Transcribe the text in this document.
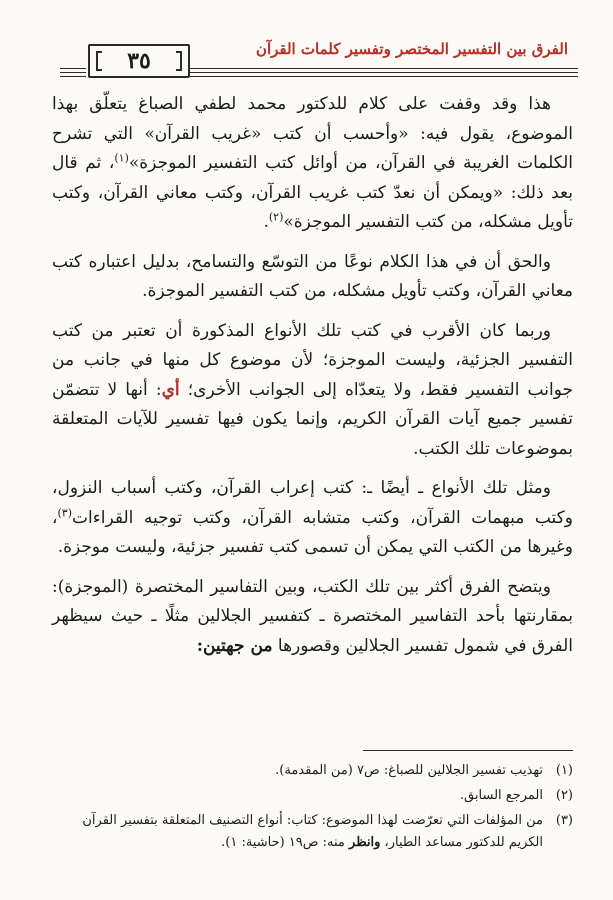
٣٥	الفرق بين التفسير المختصر وتفسير كلمات القرآن

هذا وقد وقفت على كلام للدكتور محمد لطفي الصباغ يتعلّق بهذا الموضوع، يقول فيه: «وأحسب أن كتب «غريب القرآن» التي تشرح الكلمات الغريبة في القرآن، من أوائل كتب التفسير الموجزة»$^{(١)}$، ثم قال بعد ذلك: «ويمكن أن نعدّ كتب غريب القرآن، وكتب معاني القرآن، وكتب تأويل مشكله، من كتب التفسير الموجزة»$^{(٢)}$.

والحق أن في هذا الكلام نوعًا من التوسّع والتسامح، بدليل اعتباره كتب معاني القرآن، وكتب تأويل مشكله، من كتب التفسير الموجزة.

وربما كان الأقرب في كتب تلك الأنواع المذكورة أن تعتبر من كتب التفسير الجزئية، وليست الموجزة؛ لأن موضوع كل منها في جانب من جوانب التفسير فقط، ولا يتعدّاه إلى الجوانب الأخرى؛ أي: أنها لا تتضمّن تفسير جميع آيات القرآن الكريم، وإنما يكون فيها تفسير للآيات المتعلقة بموضوعات تلك الكتب.

ومثل تلك الأنواع ـ أيضًا ـ: كتب إعراب القرآن، وكتب أسباب النزول، وكتب مبهمات القرآن، وكتب متشابه القرآن، وكتب توجيه القراءات$^{(٣)}$، وغيرها من الكتب التي يمكن أن تسمى كتب تفسير جزئية، وليست موجزة.

ويتضح الفرق أكثر بين تلك الكتب، وبين التفاسير المختصرة (الموجزة): بمقارنتها بأحد التفاسير المختصرة ـ كتفسير الجلالين مثلًا ـ حيث سيظهر الفرق في شمول تفسير الجلالين وقصورها من جهتين:

(١)
تهذيب تفسير الجلالين للصباغ: ص٧ (من المقدمة).
(٢)
المرجع السابق.
(٣)
من المؤلفات التي تعرّضت لهذا الموضوع: كتاب: أنواع التصنيف المتعلقة بتفسير القرآن الكريم للدكتور مساعد الطيار، وانظر منه: ص١٩ (حاشية: ١).
